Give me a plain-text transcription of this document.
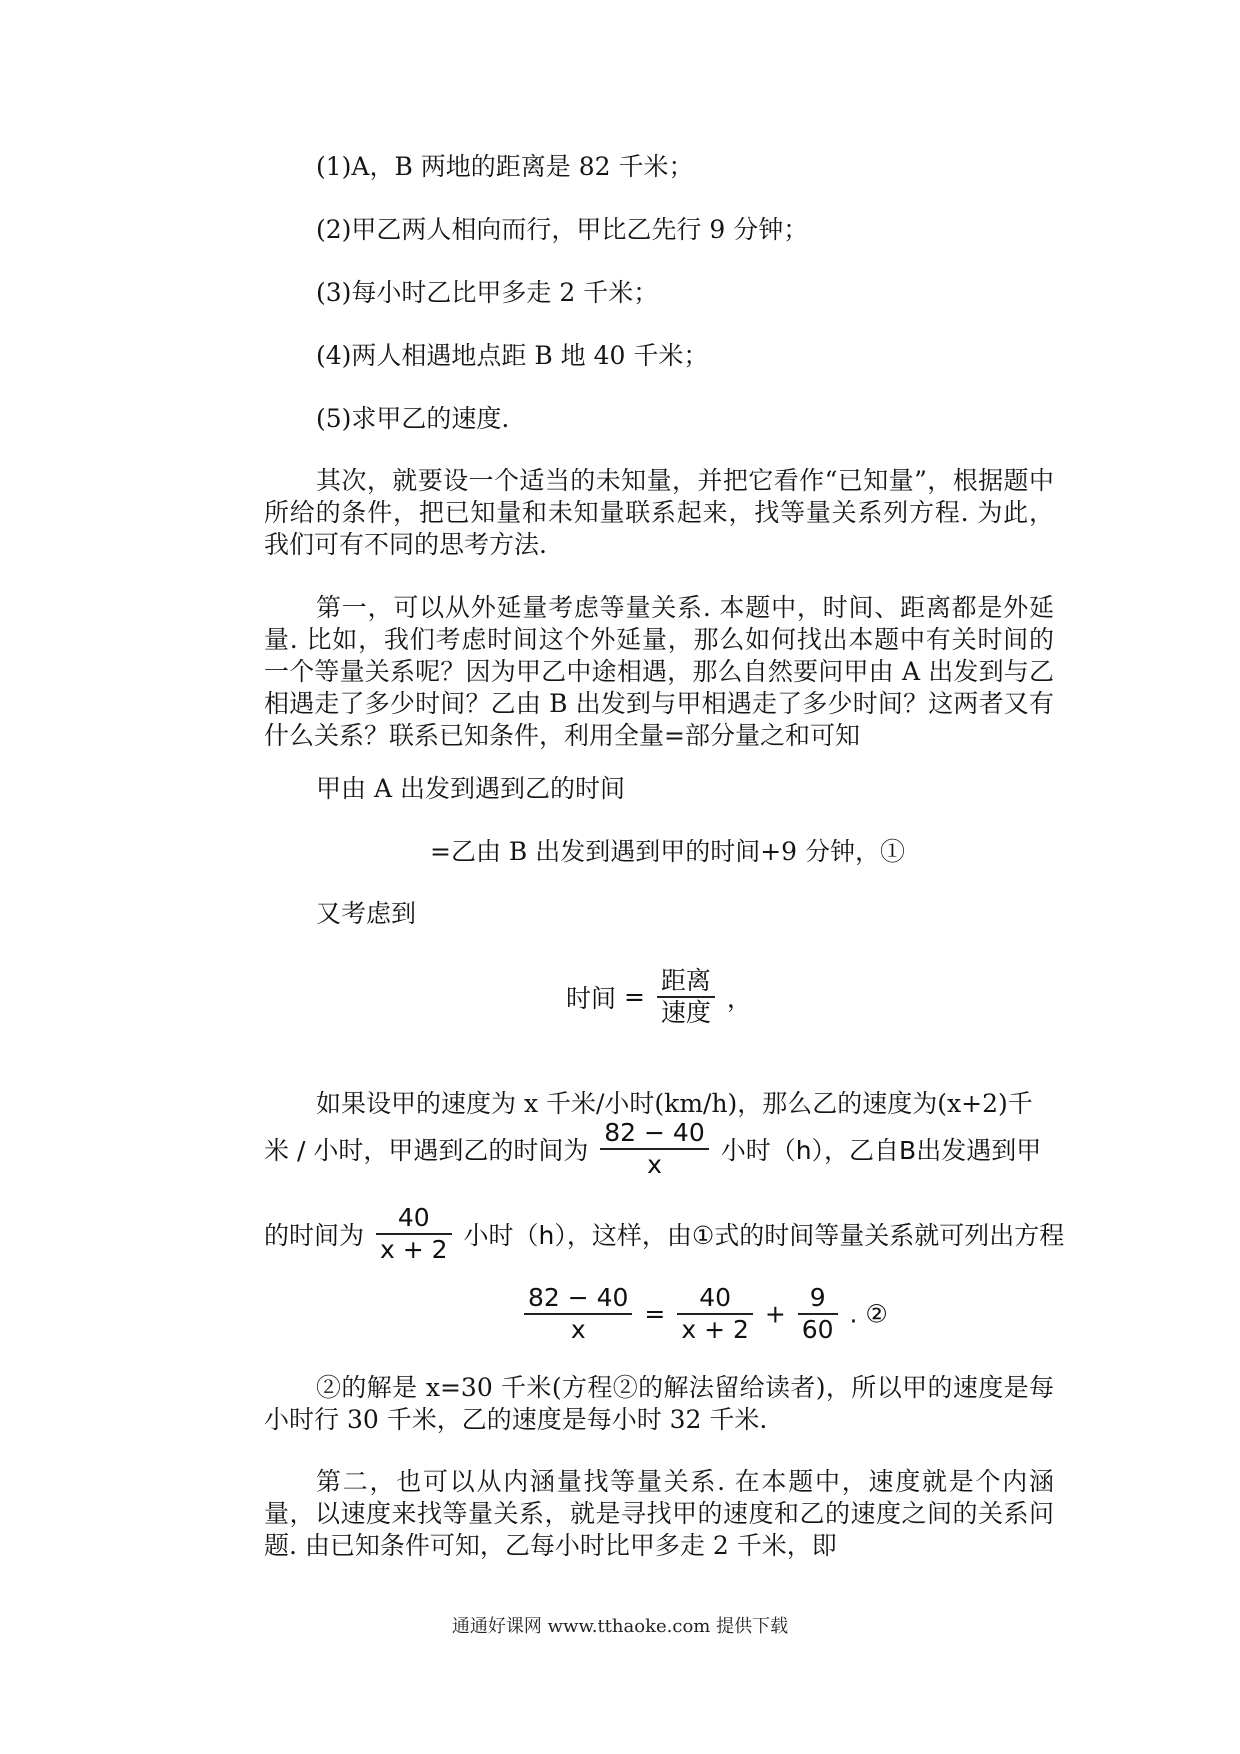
(1)A，B 两地的距离是 82 千米；
(2)甲乙两人相向而行，甲比乙先行 9 分钟；
(3)每小时乙比甲多走 2 千米；
(4)两人相遇地点距 B 地 40 千米；
(5)求甲乙的速度.

其次，就要设一个适当的未知量，并把它看作“已知量”，根据题中所给的条件，把已知量和未知量联系起来，找等量关系列方程. 为此，我们可有不同的思考方法.

第一，可以从外延量考虑等量关系. 本题中，时间、距离都是外延量. 比如，我们考虑时间这个外延量，那么如何找出本题中有关时间的一个等量关系呢？因为甲乙中途相遇，那么自然要问甲由 A 出发到与乙相遇走了多少时间？乙由 B 出发到与甲相遇走了多少时间？这两者又有什么关系？联系已知条件，利用全量=部分量之和可知

甲由 A 出发到遇到乙的时间
=乙由 B 出发到遇到甲的时间+9 分钟，①
又考虑到
时间 = $\frac{\text{距离}}{\text{速度}}$ ，
如果设甲的速度为 x 千米/小时(km/h)，那么乙的速度为(x+2)千
米 / 小时，甲遇到乙的时间为 $\frac{82 - 40}{x}$ 小时（h），乙自B出发遇到甲
的时间为 $\frac{40}{x + 2}$ 小时（h），这样，由①式的时间等量关系就可列出方程
$\frac{82 - 40}{x} = \frac{40}{x + 2} + \frac{9}{60}$ . ②

②的解是 x=30 千米(方程②的解法留给读者)，所以甲的速度是每小时行 30 千米，乙的速度是每小时 32 千米.

第二，也可以从内涵量找等量关系. 在本题中，速度就是个内涵量，以速度来找等量关系，就是寻找甲的速度和乙的速度之间的关系问题. 由已知条件可知，乙每小时比甲多走 2 千米，即

通通好课网 www.tthaoke.com 提供下载
